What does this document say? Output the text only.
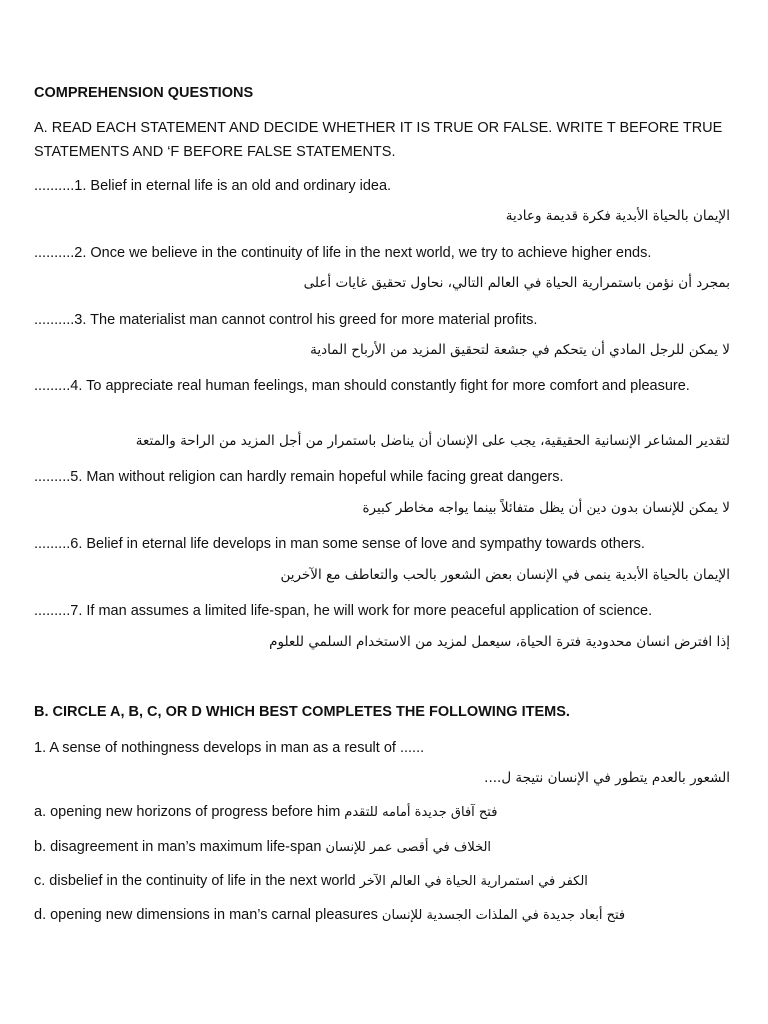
COMPREHENSION QUESTIONS
A. READ EACH STATEMENT AND DECIDE WHETHER IT IS TRUE OR FALSE. WRITE T BEFORE TRUE STATEMENTS AND ‘F BEFORE FALSE STATEMENTS.
..........1. Belief in eternal life is an old and ordinary idea.
الإيمان بالحياة الأبدية فكرة قديمة وعادية
..........2. Once we believe in the continuity of life in the next world, we try to achieve higher ends.
بمجرد أن نؤمن باستمرارية الحياة في العالم التالي، نحاول تحقيق غايات أعلى
..........3. The materialist man cannot control his greed for more material profits.
لا يمكن للرجل المادي أن يتحكم في جشعة لتحقيق المزيد من الأرباح المادية
.........4. To appreciate real human feelings, man should constantly fight for more comfort and pleasure.
لتقدير المشاعر الإنسانية الحقيقية، يجب على الإنسان أن يناضل باستمرار من أجل المزيد من الراحة والمتعة
.........5. Man without religion can hardly remain hopeful while facing great dangers.
لا يمكن للإنسان بدون دين أن يظل متفائلاً بينما يواجه مخاطر كبيرة
.........6. Belief in eternal life develops in man some sense of love and sympathy towards others.
الإيمان بالحياة الأبدية ينمى في الإنسان بعض الشعور بالحب والتعاطف مع الآخرين
.........7. If man assumes a limited life-span, he will work for more peaceful application of science.
إذا افترض انسان محدودية فترة الحياة، سيعمل لمزيد من الاستخدام السلمي للعلوم
B. CIRCLE A, B, C, OR D WHICH BEST COMPLETES THE FOLLOWING ITEMS.
1. A sense of nothingness develops in man as a result of ......
الشعور بالعدم يتطور في الإنسان نتيجة ل....
a. opening new horizons of progress before him فتح آفاق جديدة أمامه للتقدم
b. disagreement in man’s maximum life-span الخلاف في أقصى عمر للإنسان
c. disbelief in the continuity of life in the next world الكفر في استمرارية الحياة في العالم الآخر
d. opening new dimensions in man’s carnal pleasures فتح أبعاد جديدة في الملذات الجسدية للإنسان
